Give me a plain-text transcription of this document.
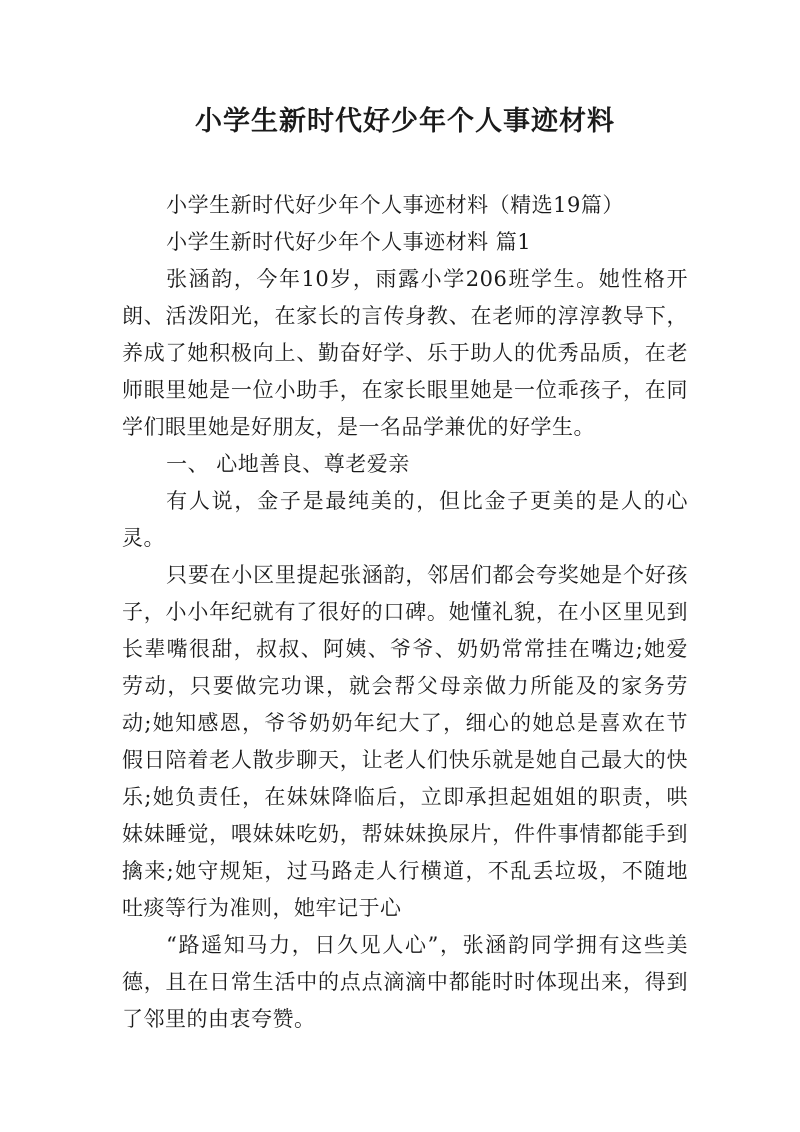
小学生新时代好少年个人事迹材料

小学生新时代好少年个人事迹材料（精选19篇）

小学生新时代好少年个人事迹材料 篇1

张涵韵，今年10岁，雨露小学206班学生。她性格开朗、活泼阳光，在家长的言传身教、在老师的淳淳教导下，养成了她积极向上、勤奋好学、乐于助人的优秀品质，在老师眼里她是一位小助手，在家长眼里她是一位乖孩子，在同学们眼里她是好朋友，是一名品学兼优的好学生。

一、 心地善良、尊老爱亲

有人说，金子是最纯美的，但比金子更美的是人的心灵。

只要在小区里提起张涵韵，邻居们都会夸奖她是个好孩子，小小年纪就有了很好的口碑。她懂礼貌，在小区里见到长辈嘴很甜，叔叔、阿姨、爷爷、奶奶常常挂在嘴边;她爱劳动，只要做完功课，就会帮父母亲做力所能及的家务劳动;她知感恩，爷爷奶奶年纪大了，细心的她总是喜欢在节假日陪着老人散步聊天，让老人们快乐就是她自己最大的快乐;她负责任，在妹妹降临后，立即承担起姐姐的职责，哄妹妹睡觉，喂妹妹吃奶，帮妹妹换尿片，件件事情都能手到擒来;她守规矩，过马路走人行横道，不乱丢垃圾，不随地吐痰等行为准则，她牢记于心

“路遥知马力，日久见人心”，张涵韵同学拥有这些美德，且在日常生活中的点点滴滴中都能时时体现出来，得到了邻里的由衷夸赞。
